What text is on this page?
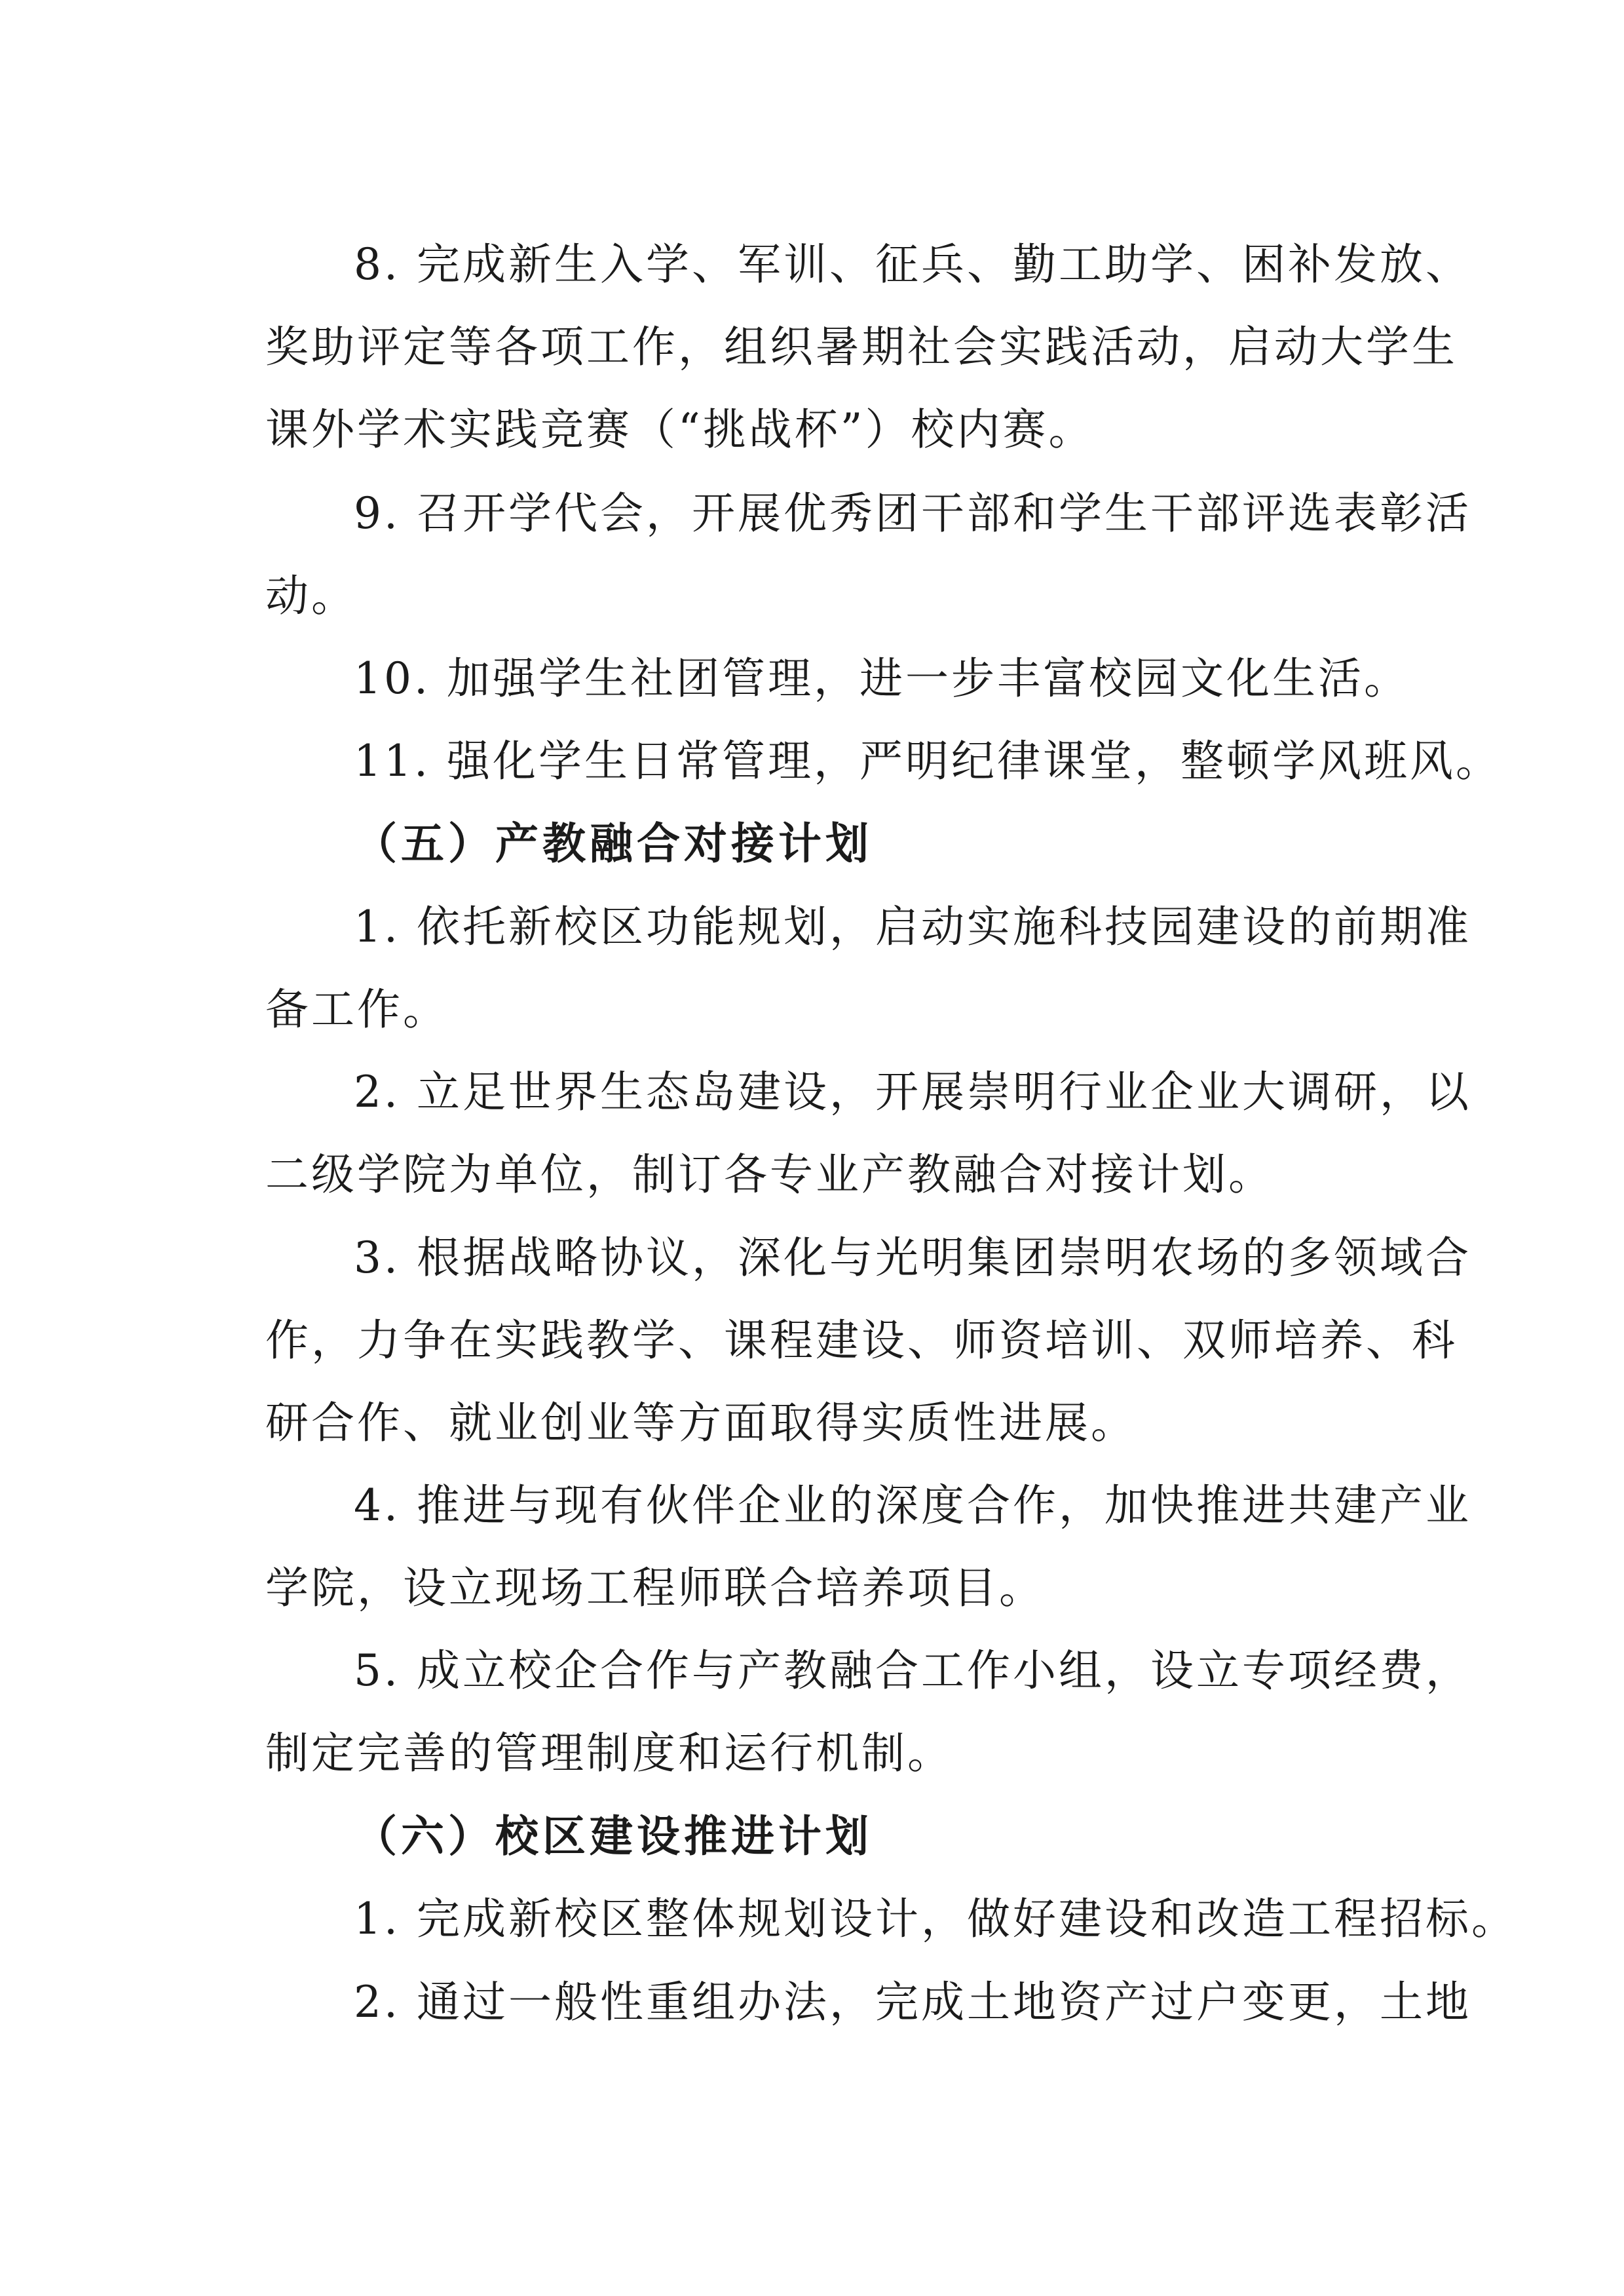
8. 完成新生入学、军训、征兵、勤工助学、困补发放、
奖助评定等各项工作，组织暑期社会实践活动，启动大学生
课外学术实践竞赛（“挑战杯”）校内赛。
9. 召开学代会，开展优秀团干部和学生干部评选表彰活
动。
10. 加强学生社团管理，进一步丰富校园文化生活。
11. 强化学生日常管理，严明纪律课堂，整顿学风班风。
（五）产教融合对接计划
1. 依托新校区功能规划，启动实施科技园建设的前期准
备工作。
2. 立足世界生态岛建设，开展崇明行业企业大调研，以
二级学院为单位，制订各专业产教融合对接计划。
3. 根据战略协议，深化与光明集团崇明农场的多领域合
作，力争在实践教学、课程建设、师资培训、双师培养、科
研合作、就业创业等方面取得实质性进展。
4. 推进与现有伙伴企业的深度合作，加快推进共建产业
学院，设立现场工程师联合培养项目。
5. 成立校企合作与产教融合工作小组，设立专项经费，
制定完善的管理制度和运行机制。
（六）校区建设推进计划
1. 完成新校区整体规划设计，做好建设和改造工程招标。
2. 通过一般性重组办法，完成土地资产过户变更，土地
